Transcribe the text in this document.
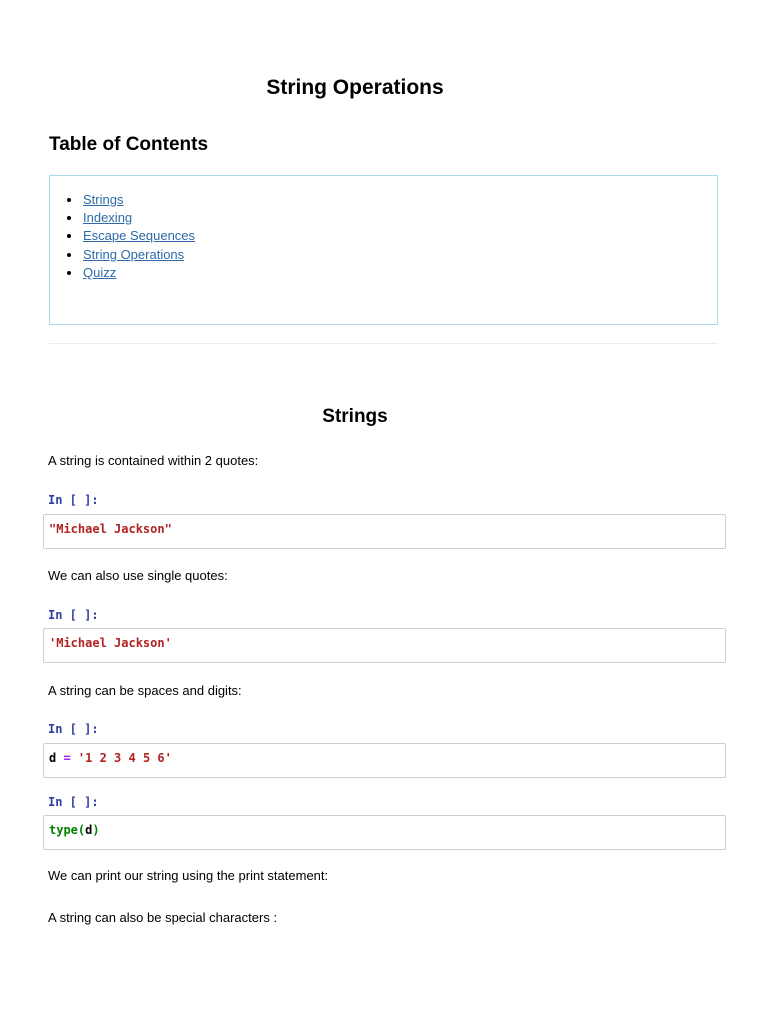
String Operations
Table of Contents
Strings
Indexing
Escape Sequences
String Operations
Quizz
Strings
A string is contained within 2 quotes:
In [ ]:
"Michael Jackson"
We can also use single quotes:
In [ ]:
'Michael Jackson'
A string can be spaces and digits:
In [ ]:
d = '1 2 3 4 5 6'
In [ ]:
type(d)
We can print our string using the print statement:
A string can also be special characters :
